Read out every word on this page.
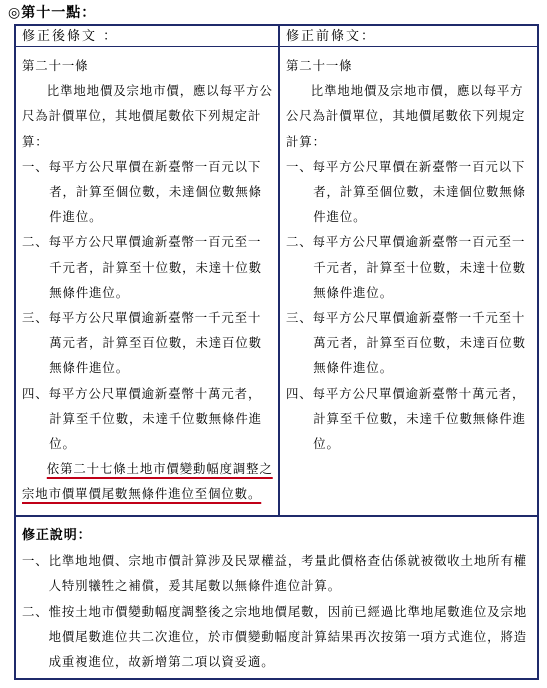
◎第十一點：
修正後條文 ：

第二十一條

比準地地價及宗地市價，應以每平方公尺為計價單位，其地價尾數依下列規定計算：

一、每平方公尺單價在新臺幣一百元以下者，計算至個位數，未達個位數無條件進位。

二、每平方公尺單價逾新臺幣一百元至一千元者，計算至十位數，未達十位數無條件進位。

三、每平方公尺單價逾新臺幣一千元至十萬元者，計算至百位數，未達百位數無條件進位。

四、每平方公尺單價逾新臺幣十萬元者，計算至千位數，未達千位數無條件進位。

依第二十七條土地市價變動幅度調整之宗地市價單價尾數無條件進位至個位數。

修正前條文：

第二十一條

比準地地價及宗地市價，應以每平方公尺為計價單位，其地價尾數依下列規定計算：

一、每平方公尺單價在新臺幣一百元以下者，計算至個位數，未達個位數無條件進位。

二、每平方公尺單價逾新臺幣一百元至一千元者，計算至十位數，未達十位數無條件進位。

三、每平方公尺單價逾新臺幣一千元至十萬元者，計算至百位數，未達百位數無條件進位。

四、每平方公尺單價逾新臺幣十萬元者，計算至千位數，未達千位數無條件進位。

修正說明：
一、 比準地地價、宗地市價計算涉及民眾權益，考量此價格查估係就被徵收土地所有權人特別犧牲之補償，爰其尾數以無條件進位計算。
二、 惟按土地市價變動幅度調整後之宗地地價尾數，因前已經過比準地尾數進位及宗地地價尾數進位共二次進位，於市價變動幅度計算結果再次按第一項方式進位，將造成重複進位，故新增第二項以資妥適。
